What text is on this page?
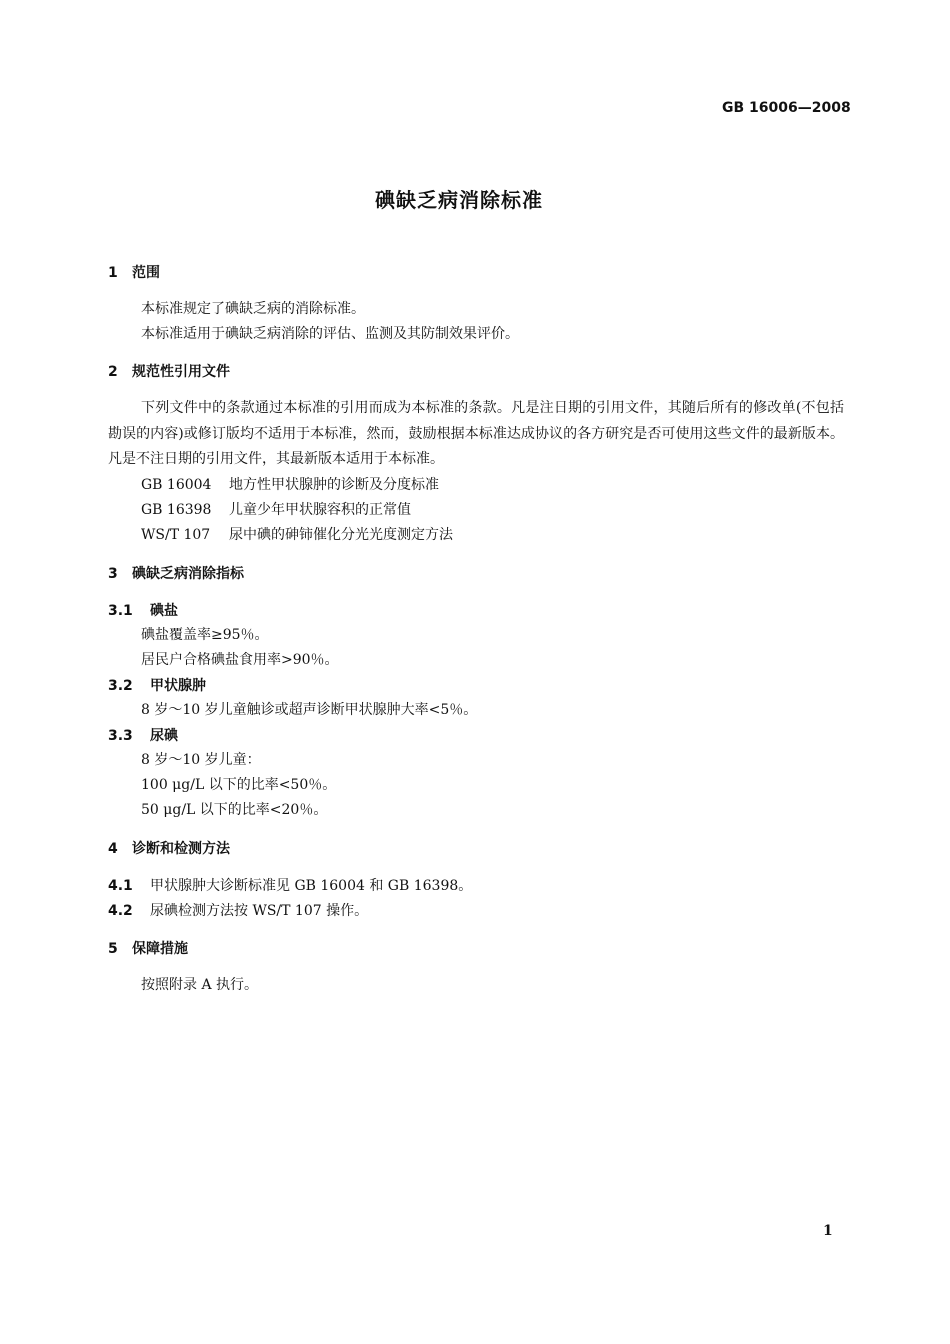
GB 16006—2008
碘缺乏病消除标准
1 范围
本标准规定了碘缺乏病的消除标准。
本标准适用于碘缺乏病消除的评估、监测及其防制效果评价。
2 规范性引用文件
下列文件中的条款通过本标准的引用而成为本标准的条款。凡是注日期的引用文件，其随后所有的修改单(不包括勘误的内容)或修订版均不适用于本标准，然而，鼓励根据本标准达成协议的各方研究是否可使用这些文件的最新版本。凡是不注日期的引用文件，其最新版本适用于本标准。
GB 16004 地方性甲状腺肿的诊断及分度标准
GB 16398 儿童少年甲状腺容积的正常值
WS/T 107 尿中碘的砷铈催化分光光度测定方法
3 碘缺乏病消除指标
3.1 碘盐
碘盐覆盖率≥95％。
居民户合格碘盐食用率>90％。
3.2 甲状腺肿
8 岁～10 岁儿童触诊或超声诊断甲状腺肿大率<5％。
3.3 尿碘
8 岁～10 岁儿童：
100 μg/L 以下的比率<50％。
50 μg/L 以下的比率<20％。
4 诊断和检测方法
4.1 甲状腺肿大诊断标准见 GB 16004 和 GB 16398。
4.2 尿碘检测方法按 WS/T 107 操作。
5 保障措施
按照附录 A 执行。
1
